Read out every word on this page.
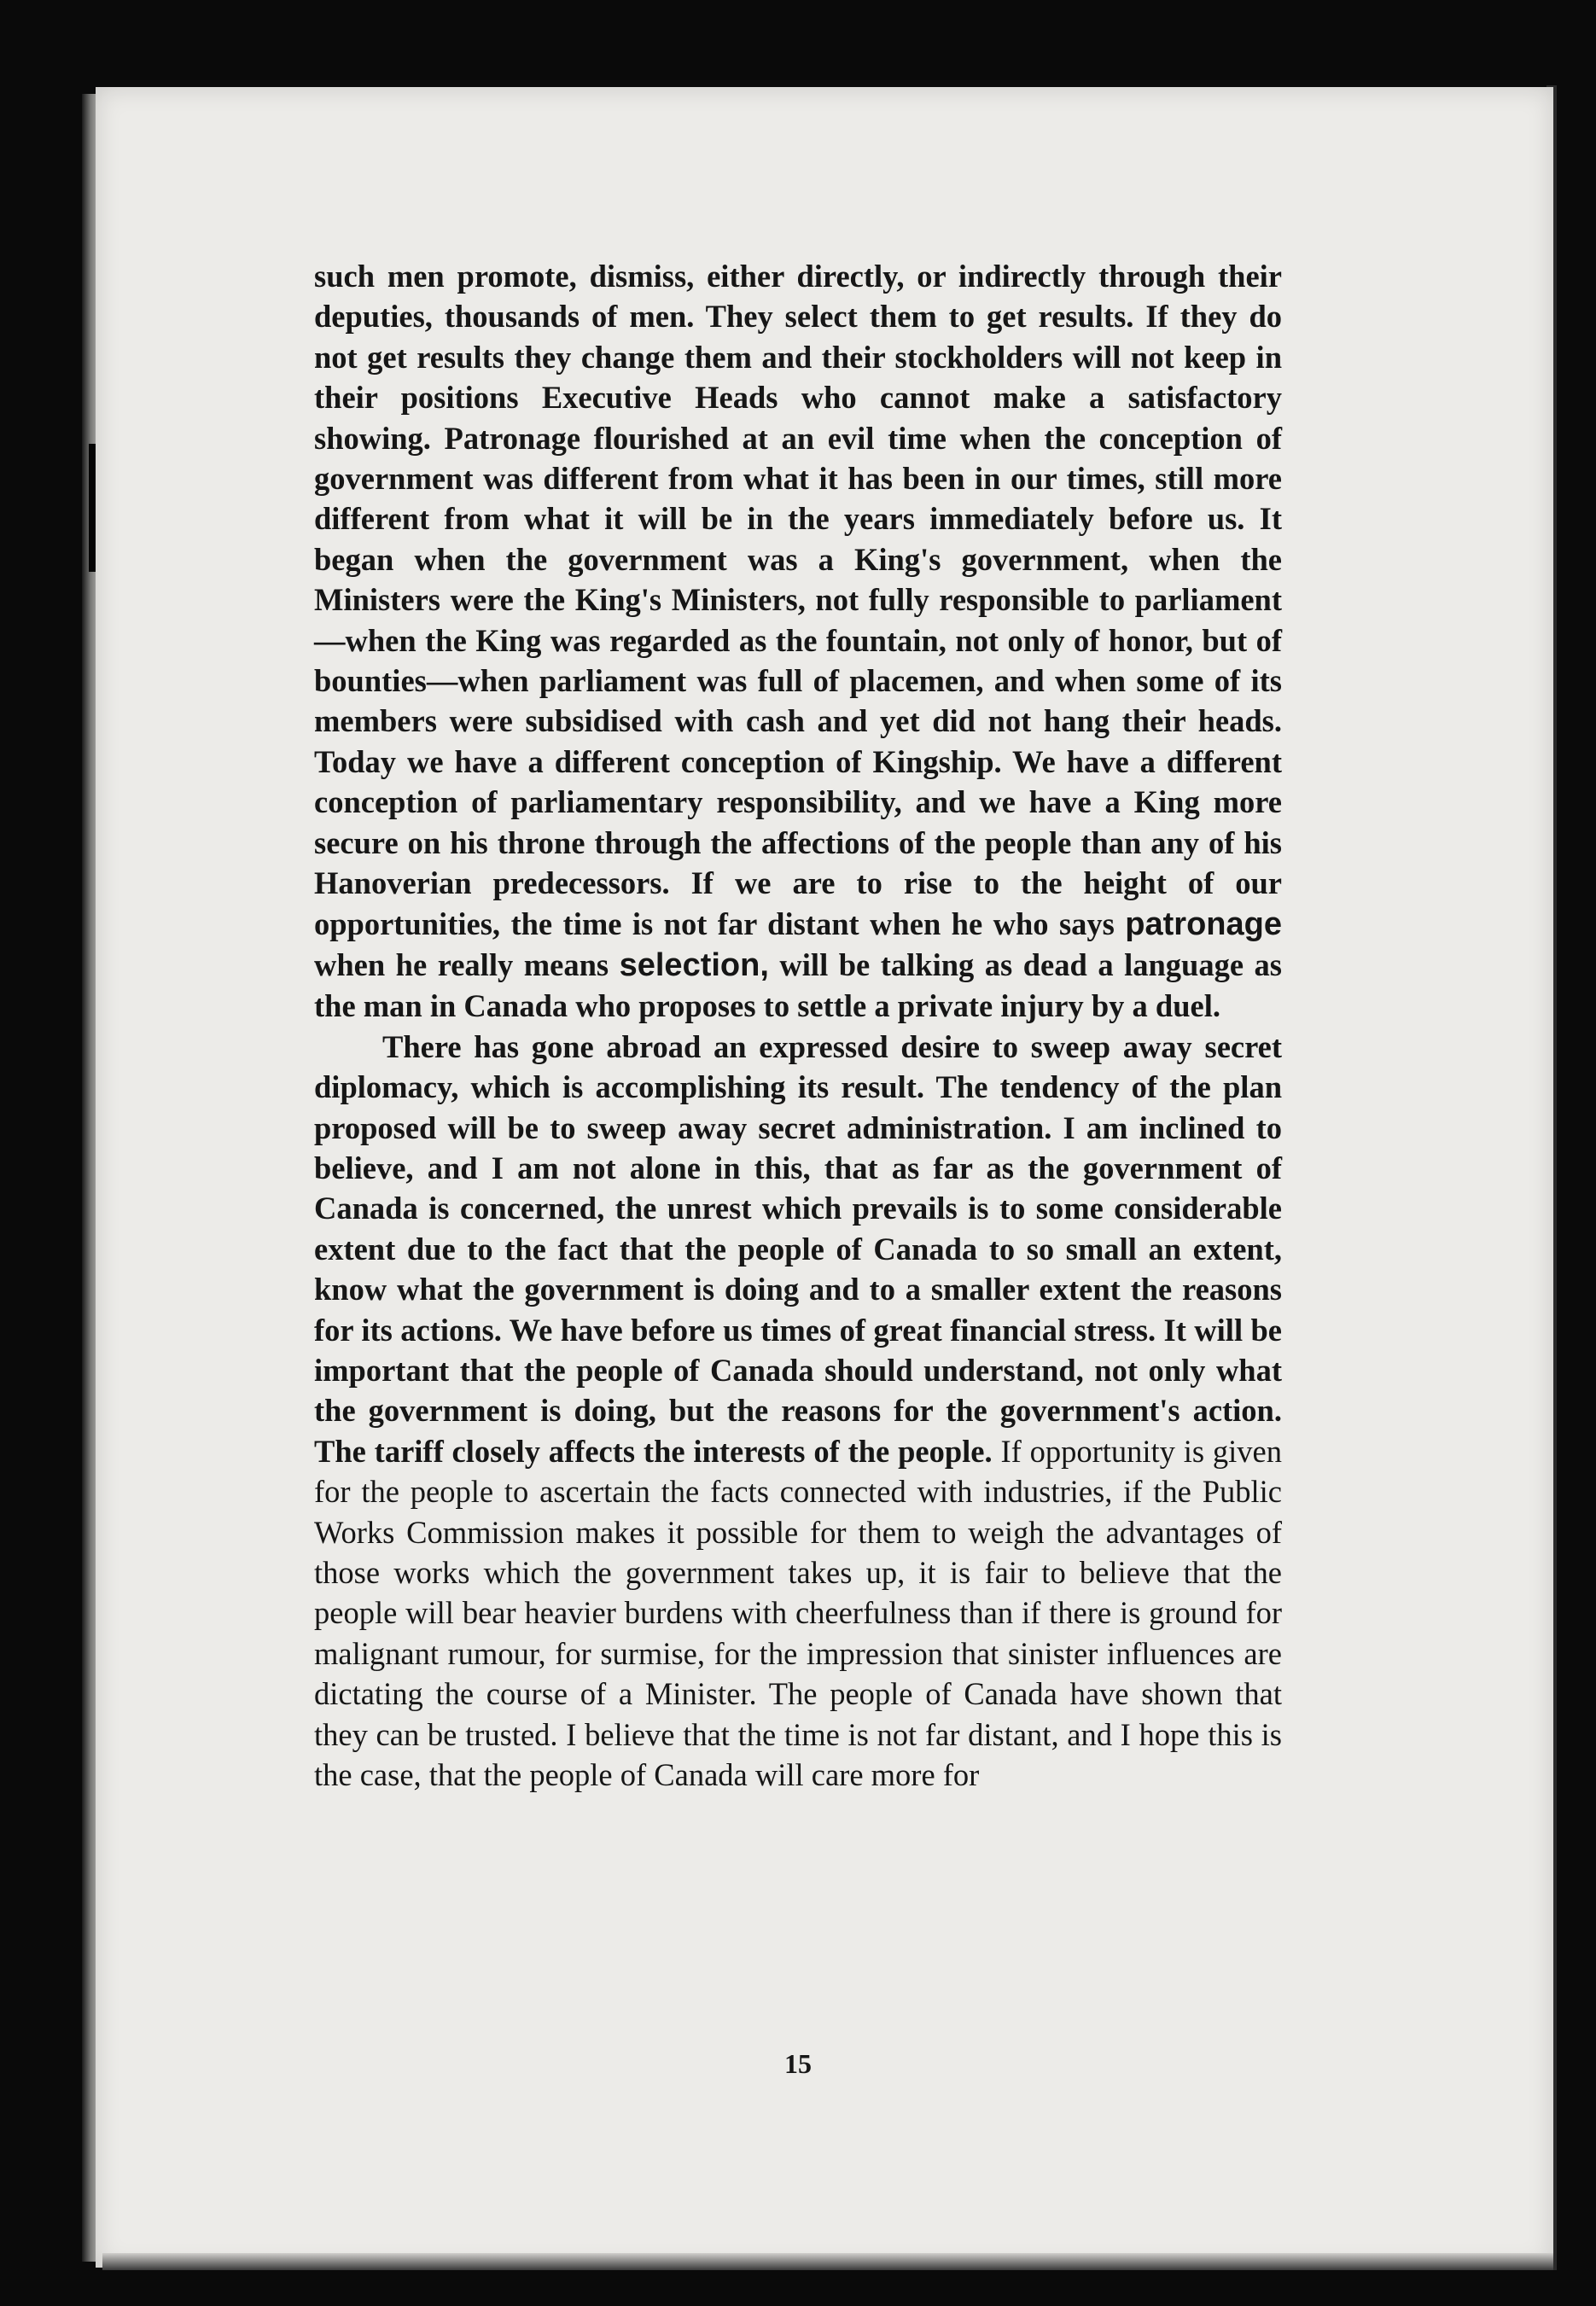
such men promote, dismiss, either directly, or indirectly through their deputies, thousands of men. They select them to get results. If they do not get results they change them and their stockholders will not keep in their positions Executive Heads who cannot make a satisfactory showing. Patronage flourished at an evil time when the conception of government was different from what it has been in our times, still more different from what it will be in the years immediately before us. It began when the government was a King's government, when the Ministers were the King's Ministers, not fully responsible to parliament—when the King was regarded as the fountain, not only of honor, but of bounties—when parliament was full of placemen, and when some of its members were subsidised with cash and yet did not hang their heads. Today we have a different conception of Kingship. We have a different conception of parliamentary responsibility, and we have a King more secure on his throne through the affections of the people than any of his Hanoverian predecessors. If we are to rise to the height of our opportunities, the time is not far distant when he who says patronage when he really means selection, will be talking as dead a language as the man in Canada who proposes to settle a private injury by a duel.

There has gone abroad an expressed desire to sweep away secret diplomacy, which is accomplishing its result. The tendency of the plan proposed will be to sweep away secret administration. I am inclined to believe, and I am not alone in this, that as far as the government of Canada is concerned, the unrest which prevails is to some considerable extent due to the fact that the people of Canada to so small an extent, know what the government is doing and to a smaller extent the reasons for its actions. We have before us times of great financial stress. It will be important that the people of Canada should understand, not only what the government is doing, but the reasons for the government's action. The tariff closely affects the interests of the people. If opportunity is given for the people to ascertain the facts connected with industries, if the Public Works Commission makes it possible for them to weigh the advantages of those works which the government takes up, it is fair to believe that the people will bear heavier burdens with cheerfulness than if there is ground for malignant rumour, for surmise, for the impression that sinister influences are dictating the course of a Minister. The people of Canada have shown that they can be trusted. I believe that the time is not far distant, and I hope this is the case, that the people of Canada will care more for

15
